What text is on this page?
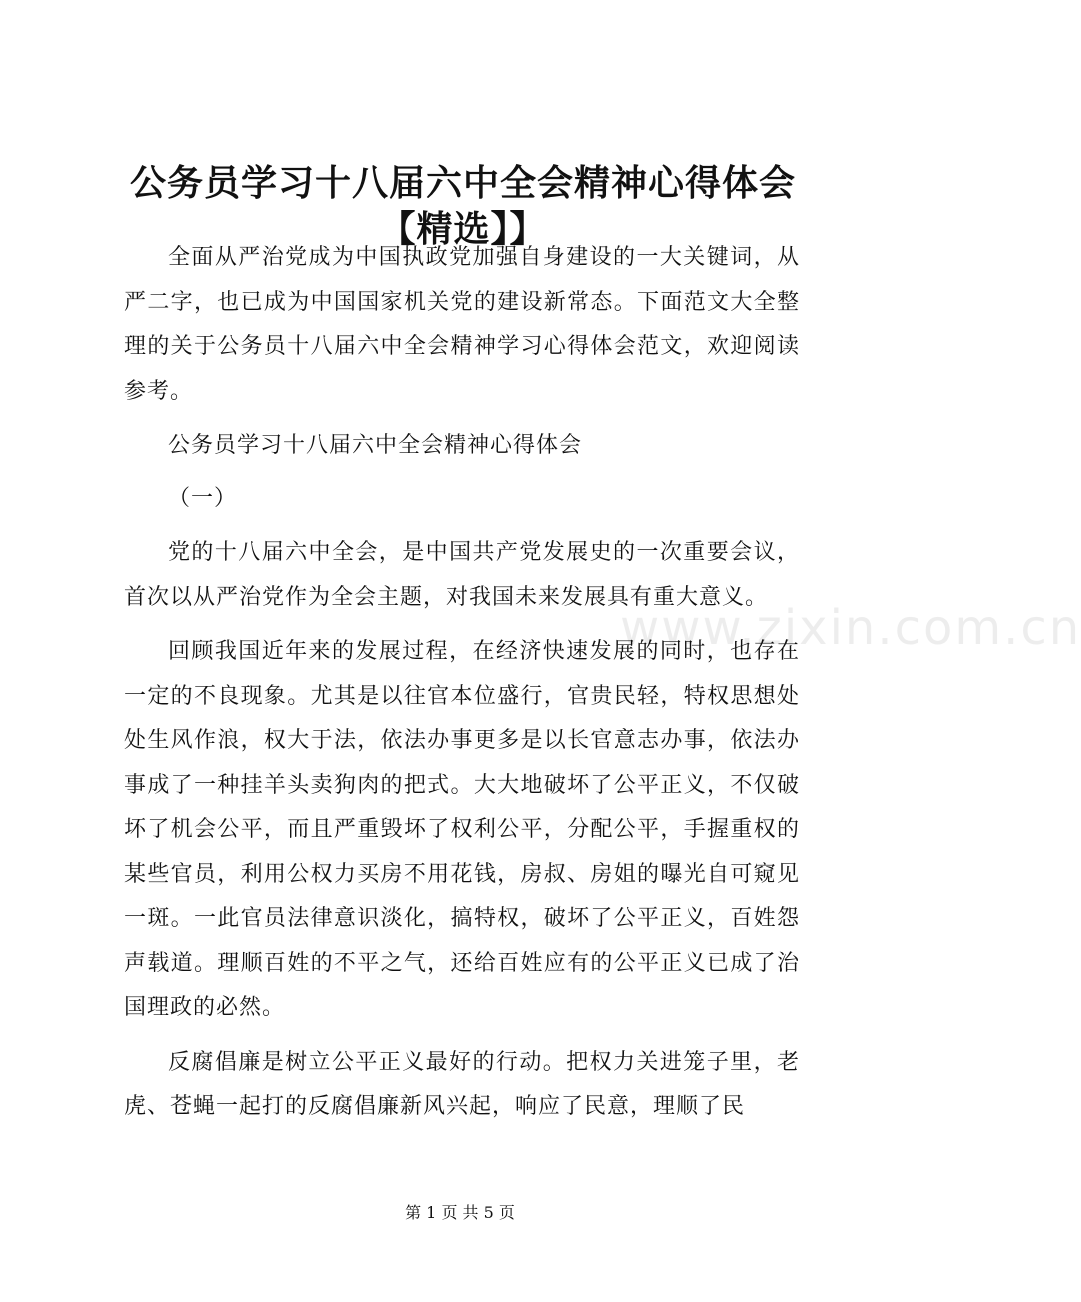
公务员学习十八届六中全会精神心得体会【精选】】

全面从严治党成为中国执政党加强自身建设的一大关键词，从严二字，也已成为中国国家机关党的建设新常态。下面范文大全整理的关于公务员十八届六中全会精神学习心得体会范文，欢迎阅读参考。

公务员学习十八届六中全会精神心得体会

（一）

党的十八届六中全会，是中国共产党发展史的一次重要会议，首次以从严治党作为全会主题，对我国未来发展具有重大意义。

回顾我国近年来的发展过程，在经济快速发展的同时，也存在一定的不良现象。尤其是以往官本位盛行，官贵民轻，特权思想处处生风作浪，权大于法，依法办事更多是以长官意志办事，依法办事成了一种挂羊头卖狗肉的把式。大大地破坏了公平正义，不仅破坏了机会公平，而且严重毁坏了权利公平，分配公平，手握重权的某些官员，利用公权力买房不用花钱，房叔、房姐的曝光自可窥见一斑。一此官员法律意识淡化，搞特权，破坏了公平正义，百姓怨声载道。理顺百姓的不平之气，还给百姓应有的公平正义已成了治国理政的必然。

反腐倡廉是树立公平正义最好的行动。把权力关进笼子里，老虎、苍蝇一起打的反腐倡廉新风兴起，响应了民意，理顺了民

www.zixin.com.cn
第 1 页 共 5 页
